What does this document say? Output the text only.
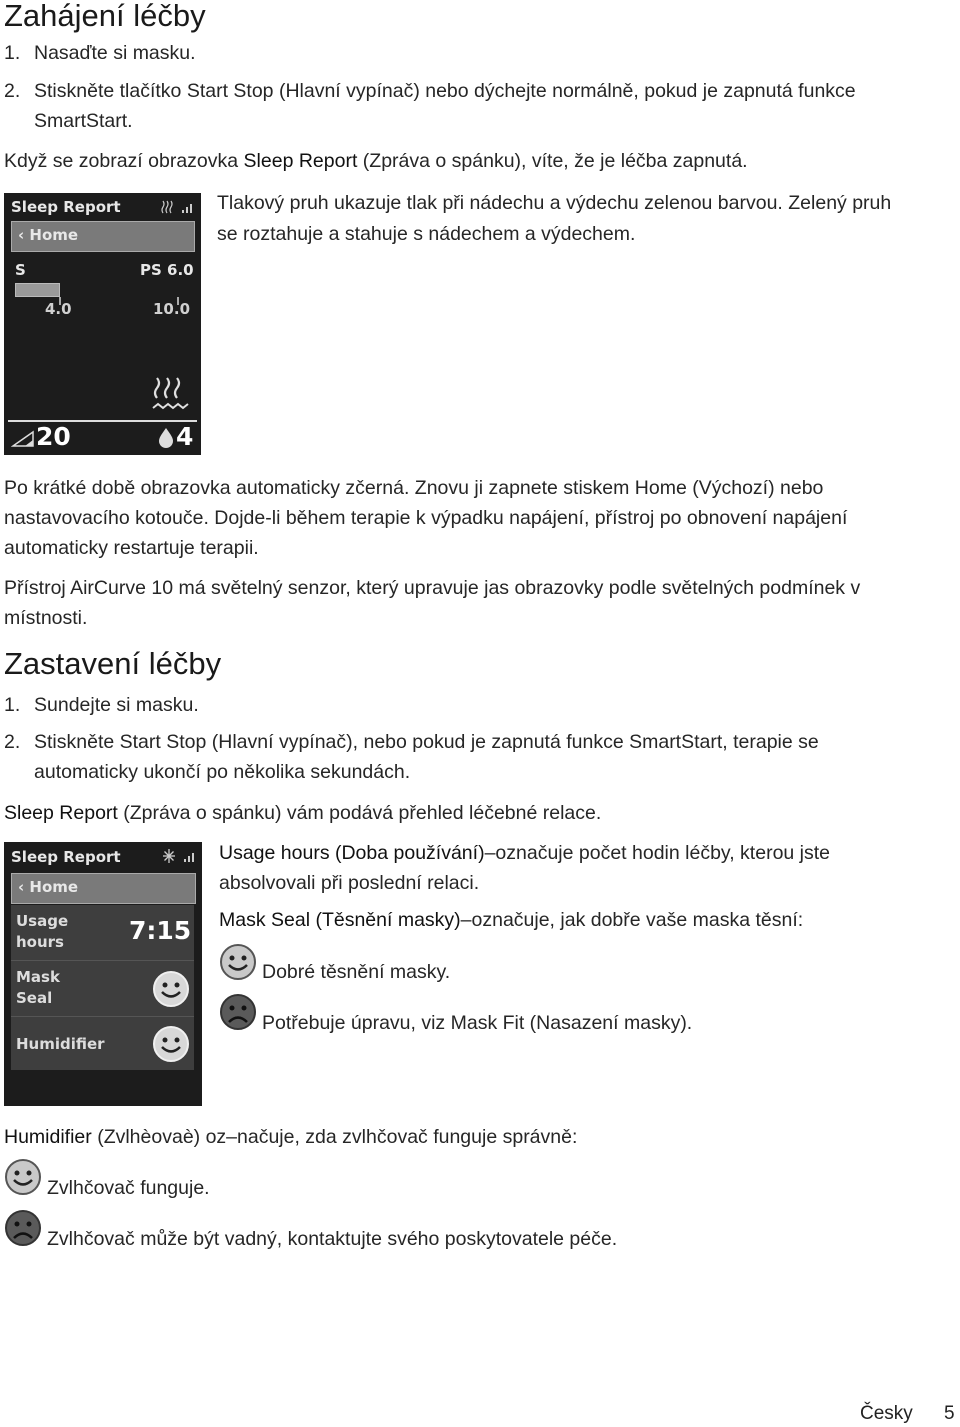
Zahájení léčby
1. Nasaďte si masku.
2. Stiskněte tlačítko Start Stop (Hlavní vypínač) nebo dýchejte normálně, pokud je zapnutá funkce
SmartStart.
Když se zobrazí obrazovka Sleep Report (Zpráva o spánku), víte, že je léčba zapnutá.
Sleep Report
‹ Home
S	PS 6.0
4.0	10.0
20	4
Tlakový pruh ukazuje tlak při nádechu a výdechu zelenou barvou. Zelený pruh
se roztahuje a stahuje s nádechem a výdechem.
Po krátké době obrazovka automaticky zčerná. Znovu ji zapnete stiskem Home (Výchozí) nebo
nastavovacího kotouče. Dojde-li během terapie k výpadku napájení, přístroj po obnovení napájení
automaticky restartuje terapii.
Přístroj AirCurve 10 má světelný senzor, který upravuje jas obrazovky podle světelných podmínek v
místnosti.
Zastavení léčby
1. Sundejte si masku.
2. Stiskněte Start Stop (Hlavní vypínač), nebo pokud je zapnutá funkce SmartStart, terapie se
automaticky ukončí po několika sekundách.
Sleep Report (Zpráva o spánku) vám podává přehled léčebné relace.
Sleep Report
‹ Home
Usage
hours	7:15
Mask
Seal
Humidifier
Usage hours (Doba používání)–označuje počet hodin léčby, kterou jste
absolvovali při poslední relaci.
Mask Seal (Těsnění masky)–označuje, jak dobře vaše maska těsní:
Dobré těsnění masky.
Potřebuje úpravu, viz Mask Fit (Nasazení masky).
Humidifier (Zvlhèovaè) oz–načuje, zda zvlhčovač funguje správně:
Zvlhčovač funguje.
Zvlhčovač může být vadný, kontaktujte svého poskytovatele péče.
Česky 5
